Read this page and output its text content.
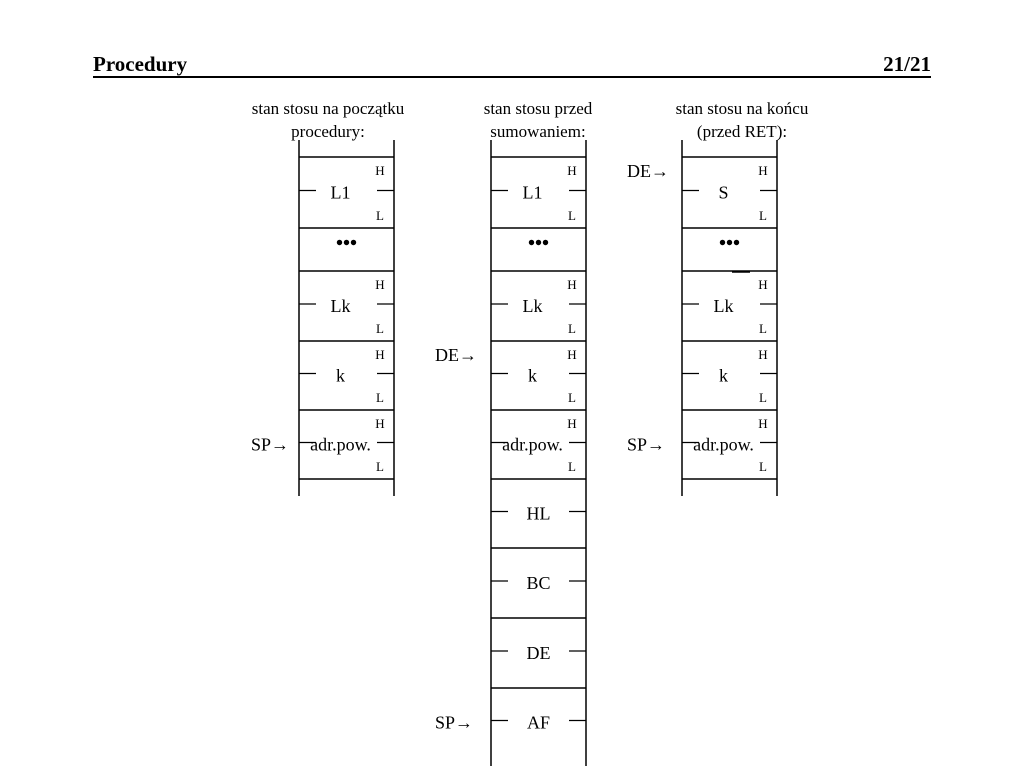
Procedury	21/21
stan stosu na początku
procedury:
stan stosu przed
sumowaniem:
stan stosu na końcu
(przed RET):
L1
H
L
•••
Lk
H
L
k
H
L
adr.pow.
H
L
SP→
L1
H
L
•••
Lk
H
L
k
H
L
adr.pow.
H
L
HL
BC
DE
AF
DE→
SP→
S
H
L
•••
Lk
H
L
k
H
L
adr.pow.
H
L
DE→
SP→
